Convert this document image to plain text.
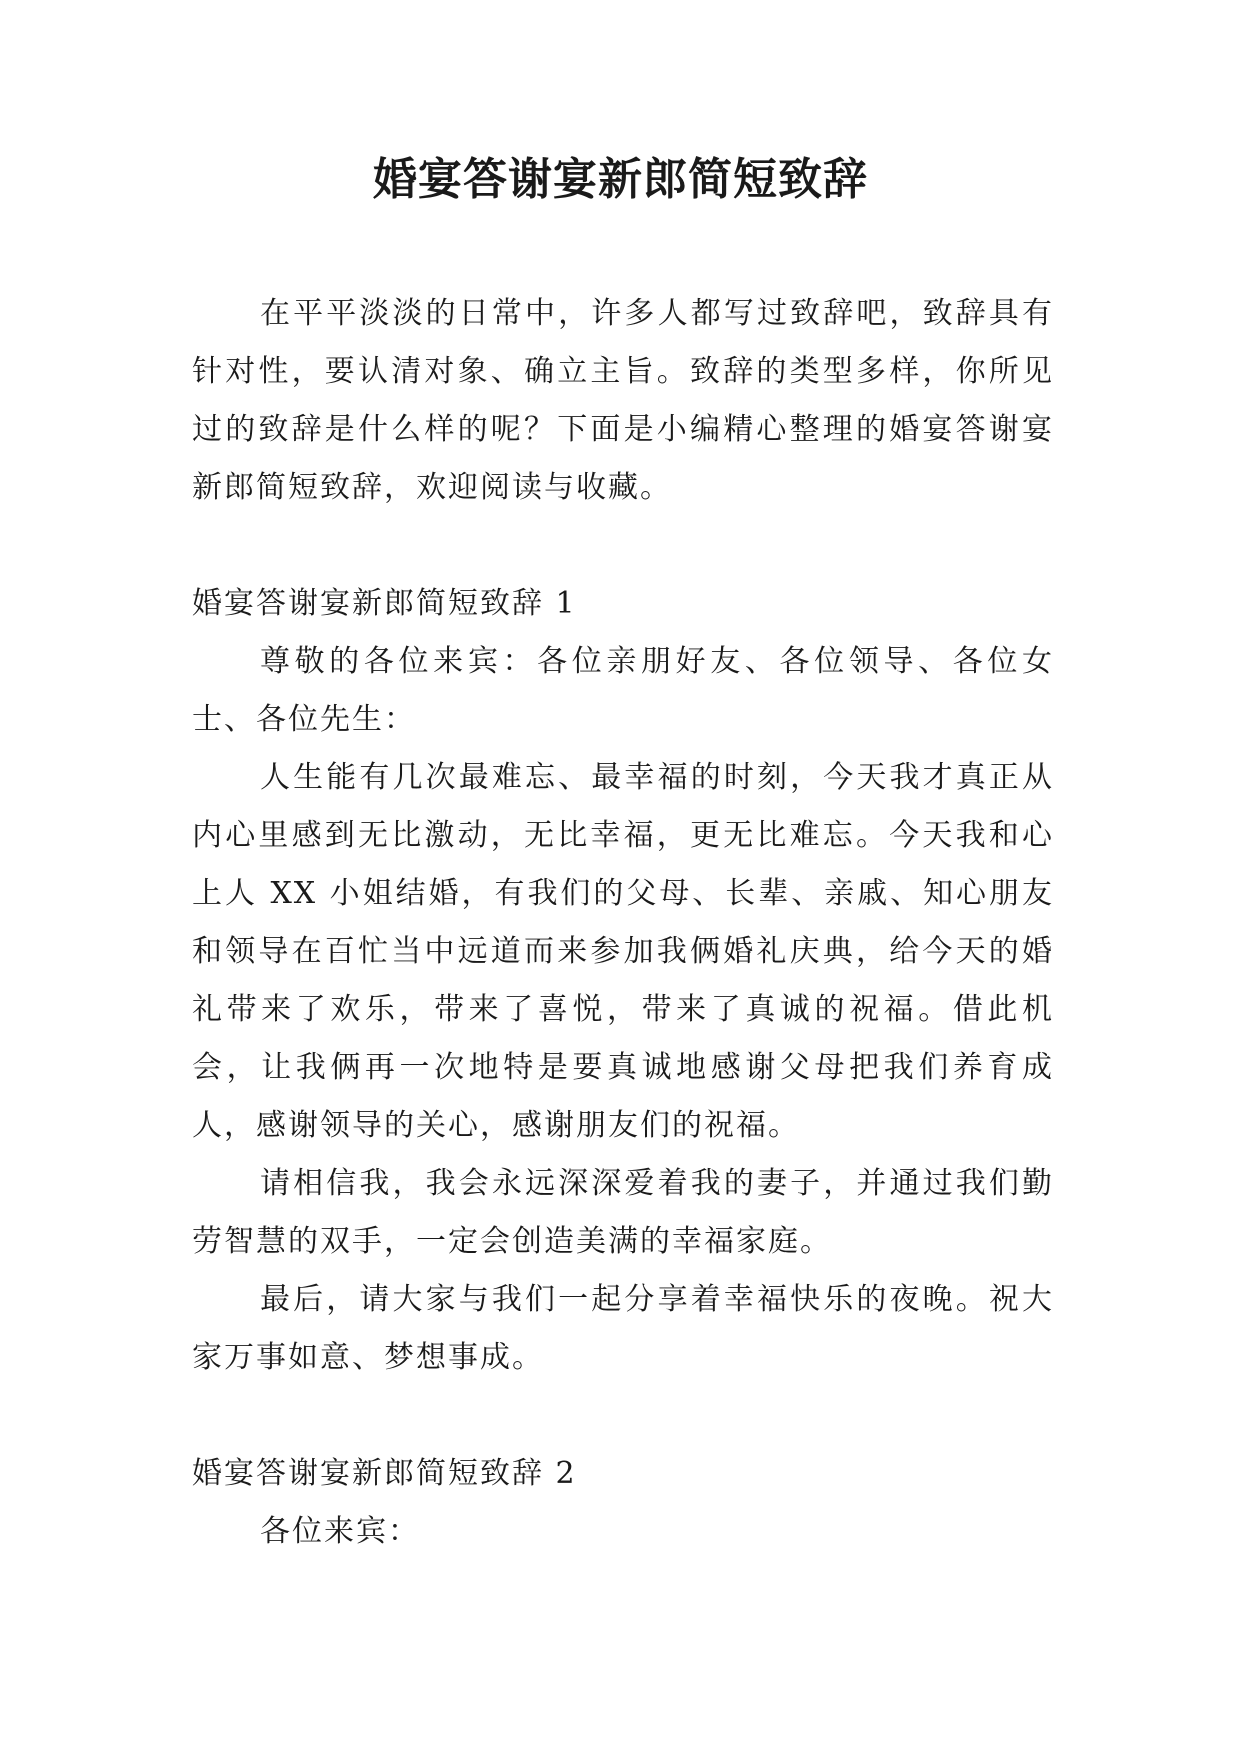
婚宴答谢宴新郎简短致辞

在平平淡淡的日常中，许多人都写过致辞吧，致辞具有针对性，要认清对象、确立主旨。致辞的类型多样，你所见过的致辞是什么样的呢？下面是小编精心整理的婚宴答谢宴新郎简短致辞，欢迎阅读与收藏。

婚宴答谢宴新郎简短致辞 1

尊敬的各位来宾：各位亲朋好友、各位领导、各位女士、各位先生：

人生能有几次最难忘、最幸福的时刻，今天我才真正从内心里感到无比激动，无比幸福，更无比难忘。今天我和心上人 XX 小姐结婚，有我们的父母、长辈、亲戚、知心朋友和领导在百忙当中远道而来参加我俩婚礼庆典，给今天的婚礼带来了欢乐，带来了喜悦，带来了真诚的祝福。借此机会，让我俩再一次地特是要真诚地感谢父母把我们养育成人，感谢领导的关心，感谢朋友们的祝福。

请相信我，我会永远深深爱着我的妻子，并通过我们勤劳智慧的双手，一定会创造美满的幸福家庭。

最后，请大家与我们一起分享着幸福快乐的夜晚。祝大家万事如意、梦想事成。

婚宴答谢宴新郎简短致辞 2

各位来宾：
